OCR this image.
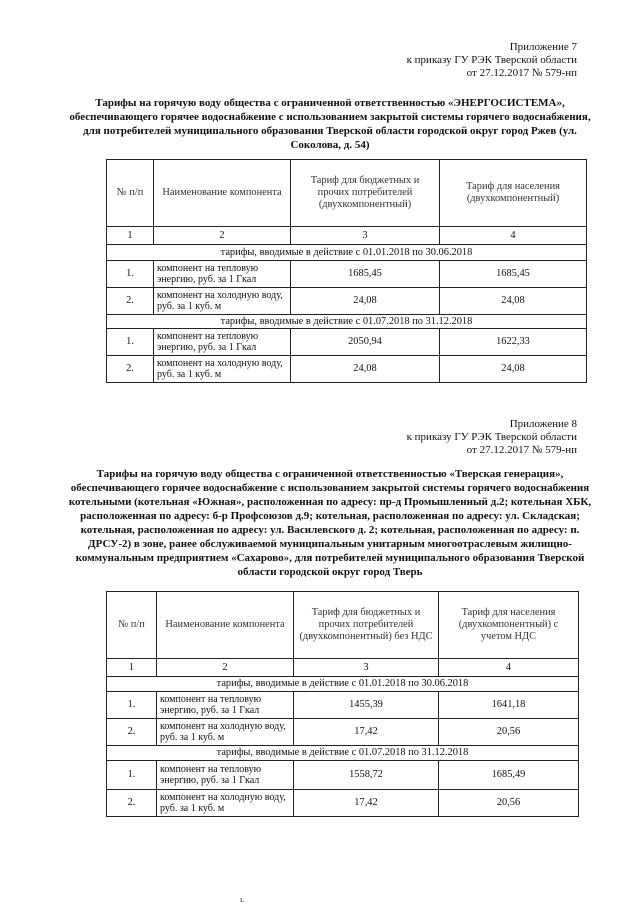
Приложение 7
к приказу ГУ РЭК Тверской области
от 27.12.2017 № 579-нп
Тарифы на горячую воду общества с ограниченной ответственностью «ЭНЕРГОСИСТЕМА», обеспечивающего горячее водоснабжение с использованием закрытой системы горячего водоснабжения, для потребителей муниципального образования Тверской области городской округ город Ржев (ул. Соколова, д. 54)
№ п/п	Наименование компонента	Тариф для бюджетных и прочих потребителей (двухкомпонентный)	Тариф для населения (двухкомпонентный)
1	2	3	4
тарифы, вводимые в действие с 01.01.2018 по 30.06.2018			
1.	компонент на тепловую энергию, руб. за 1 Гкал	1685,45	1685,45
2.	компонент на холодную воду, руб. за 1 куб. м	24,08	24,08
тарифы, вводимые в действие с 01.07.2018 по 31.12.2018			
1.	компонент на тепловую энергию, руб. за 1 Гкал	2050,94	1622,33
2.	компонент на холодную воду, руб. за 1 куб. м	24,08	24,08
Приложение 8
к приказу ГУ РЭК Тверской области
от 27.12.2017 № 579-нп
Тарифы на горячую воду общества с ограниченной ответственностью «Тверская генерация», обеспечивающего горячее водоснабжение с использованием закрытой системы горячего водоснабжения котельными (котельная «Южная», расположенная по адресу: пр-д Промышленный д.2; котельная ХБК, расположенная по адресу: б-р Профсоюзов д.9; котельная, расположенная по адресу: ул. Складская; котельная, расположенная по адресу: ул. Василевского д. 2; котельная, расположенная по адресу: п. ДРСУ-2) в зоне, ранее обслуживаемой муниципальным унитарным многоотраслевым жилищно-коммунальным предприятием «Сахарово», для потребителей муниципального образования Тверской области городской округ город Тверь
№ п/п	Наименование компонента	Тариф для бюджетных и прочих потребителей (двухкомпонентный) без НДС	Тариф для населения (двухкомпонентный) с учетом НДС
1	2	3	4
тарифы, вводимые в действие с 01.01.2018 по 30.06.2018			
1.	компонент на тепловую энергию, руб. за 1 Гкал	1455,39	1641,18
2.	компонент на холодную воду, руб. за 1 куб. м	17,42	20,56
тарифы, вводимые в действие с 01.07.2018 по 31.12.2018			
1.	компонент на тепловую энергию, руб. за 1 Гкал	1558,72	1685,49
2.	компонент на холодную воду, руб. за 1 куб. м	17,42	20,56
ı.
